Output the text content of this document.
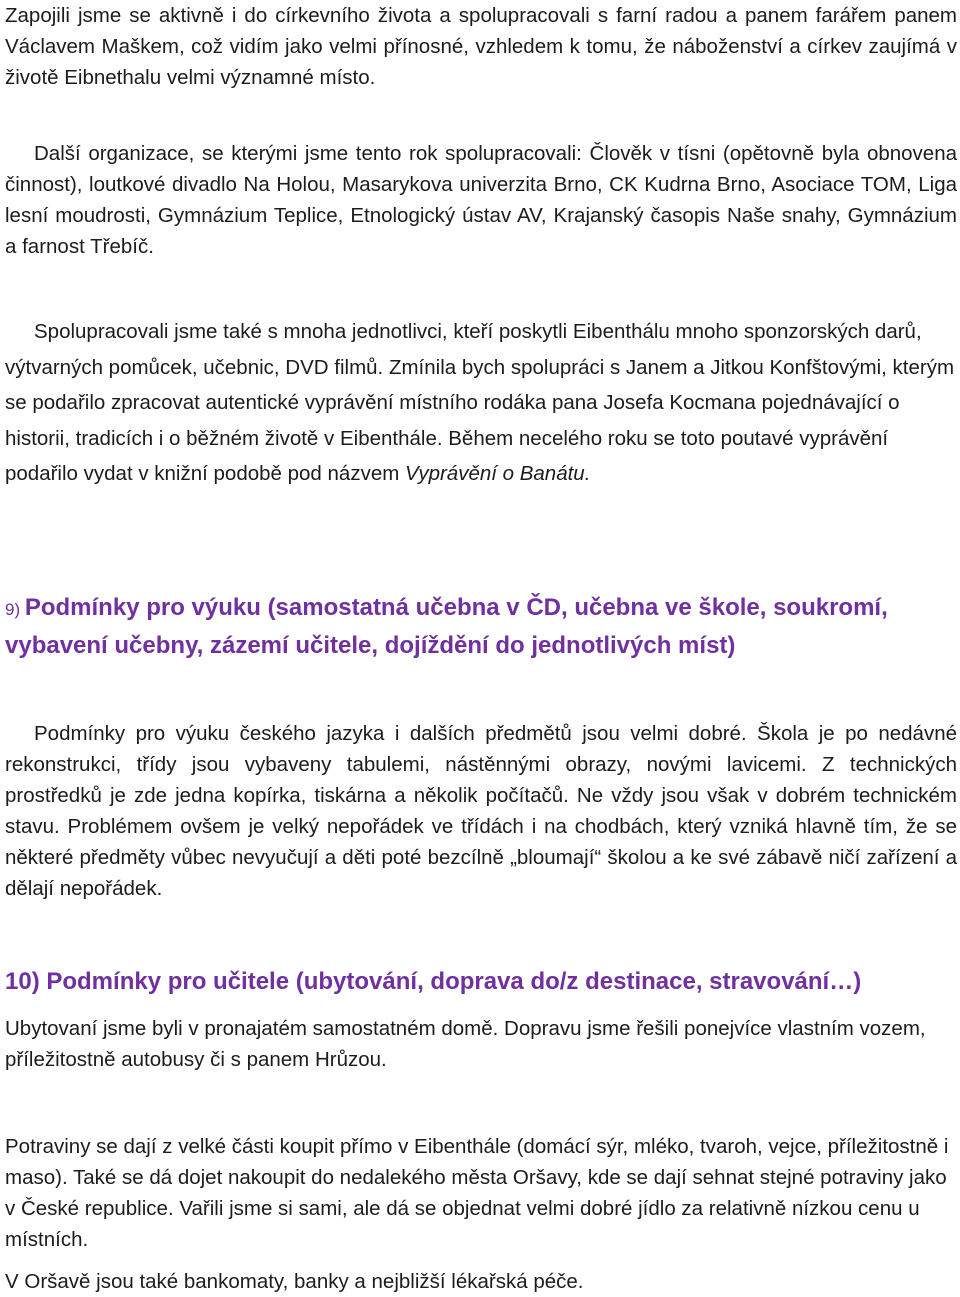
Zapojili jsme se aktivně i do církevního života a spolupracovali s farní radou a panem farářem panem Václavem Maškem, což vidím jako velmi přínosné, vzhledem k tomu, že náboženství a církev zaujímá v životě Eibnethalu velmi významné místo.

Další organizace, se kterými jsme tento rok spolupracovali: Člověk v tísni (opětovně byla obnovena činnost), loutkové divadlo Na Holou, Masarykova univerzita Brno, CK Kudrna Brno, Asociace TOM, Liga lesní moudrosti, Gymnázium Teplice, Etnologický ústav AV, Krajanský časopis Naše snahy, Gymnázium a farnost Třebíč.

Spolupracovali jsme také s mnoha jednotlivci, kteří poskytli Eibenthálu mnoho sponzorských darů, výtvarných pomůcek, učebnic, DVD filmů. Zmínila bych spolupráci s Janem a Jitkou Konfštovými, kterým se podařilo zpracovat autentické vyprávění místního rodáka pana Josefa Kocmana pojednávající o historii, tradicích i o běžném životě v Eibenthále. Během necelého roku se toto poutavé vyprávění podařilo vydat v knižní podobě pod názvem Vyprávění o Banátu.

9) Podmínky pro výuku (samostatná učebna v ČD, učebna ve škole, soukromí, vybavení učebny, zázemí učitele, dojíždění do jednotlivých míst)

Podmínky pro výuku českého jazyka i dalších předmětů jsou velmi dobré. Škola je po nedávné rekonstrukci, třídy jsou vybaveny tabulemi, nástěnnými obrazy, novými lavicemi. Z technických prostředků je zde jedna kopírka, tiskárna a několik počítačů. Ne vždy jsou však v dobrém technickém stavu. Problémem ovšem je velký nepořádek ve třídách i na chodbách, který vzniká hlavně tím, že se některé předměty vůbec nevyučují a děti poté bezcílně „bloumají“ školou a ke své zábavě ničí zařízení a dělají nepořádek.

10) Podmínky pro učitele (ubytování, doprava do/z destinace, stravování…)

Ubytovaní jsme byli v pronajatém samostatném domě. Dopravu jsme řešili ponejvíce vlastním vozem, příležitostně autobusy či s panem Hrůzou.

Potraviny se dají z velké části koupit přímo v Eibenthále (domácí sýr, mléko, tvaroh, vejce, příležitostně i maso). Také se dá dojet nakoupit do nedalekého města Oršavy, kde se dají sehnat stejné potraviny jako v České republice. Vařili jsme si sami, ale dá se objednat velmi dobré jídlo za relativně nízkou cenu u místních.

V Oršavě jsou také bankomaty, banky a nejbližší lékařská péče.
